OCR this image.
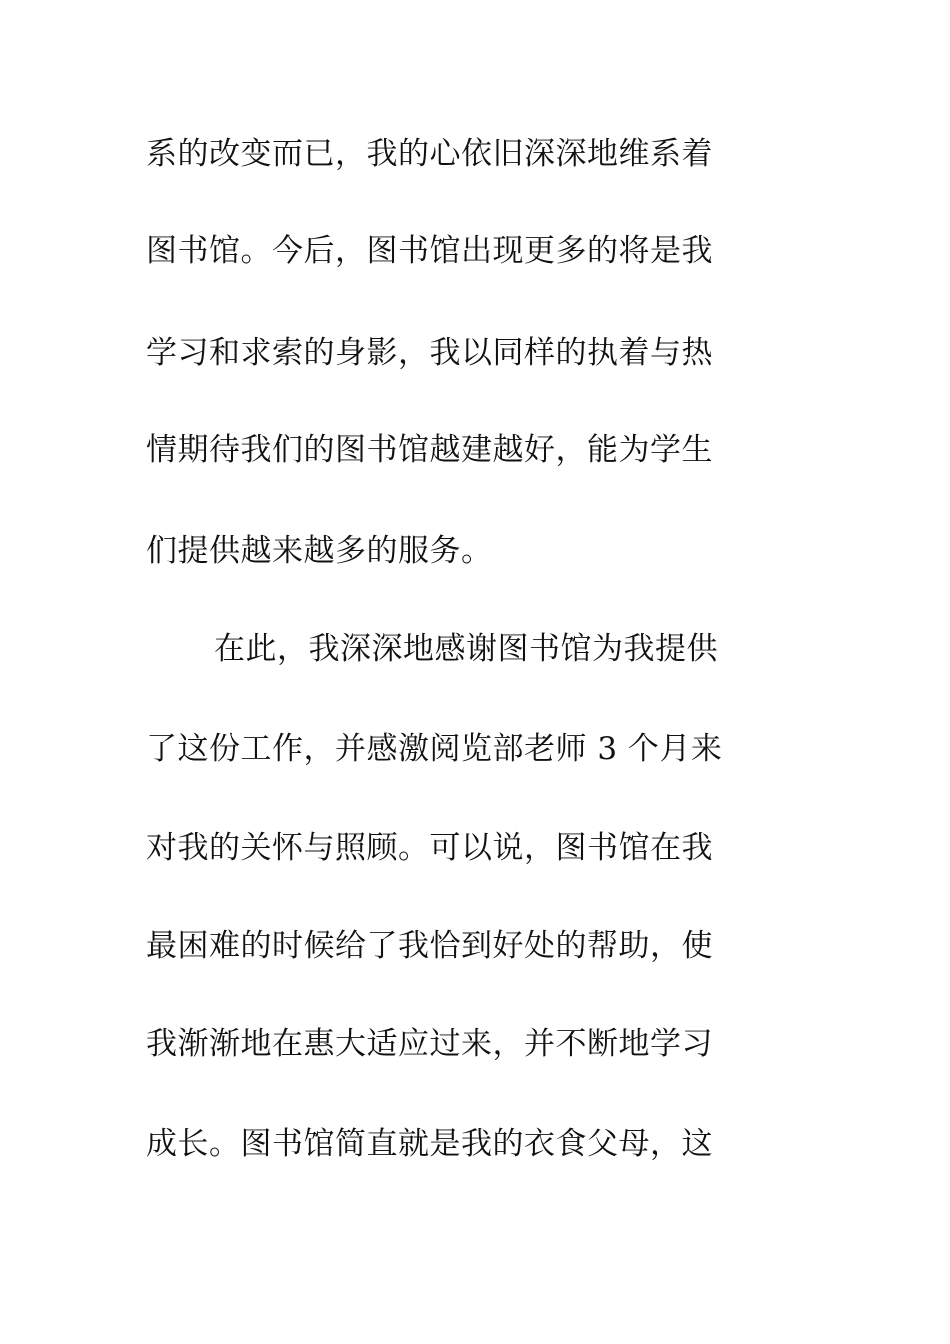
系的改变而已，我的心依旧深深地维系着
图书馆。今后，图书馆出现更多的将是我
学习和求索的身影，我以同样的执着与热
情期待我们的图书馆越建越好，能为学生
们提供越来越多的服务。
在此，我深深地感谢图书馆为我提供
了这份工作，并感激阅览部老师 3 个月来
对我的关怀与照顾。可以说，图书馆在我
最困难的时候给了我恰到好处的帮助，使
我渐渐地在惠大适应过来，并不断地学习
成长。图书馆简直就是我的衣食父母，这
